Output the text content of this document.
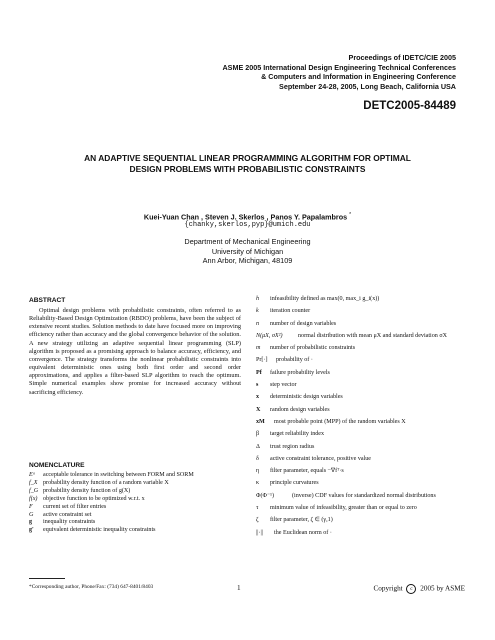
Proceedings of IDETC/CIE 2005
ASME 2005 International Design Engineering Technical Conferences
& Computers and Information in Engineering Conference
September 24-28, 2005, Long Beach, California USA
DETC2005-84489
AN ADAPTIVE SEQUENTIAL LINEAR PROGRAMMING ALGORITHM FOR OPTIMAL
DESIGN PROBLEMS WITH PROBABILISTIC CONSTRAINTS
Kuei-Yuan Chan , Steven J. Skerlos , Panos Y. Papalambros *
{chanky,skerlos,pyp}@umich.edu
Department of Mechanical Engineering
University of Michigan
Ann Arbor, Michigan, 48109
ABSTRACT

Optimal design problems with probabilistic constraints, often referred to as Reliability-Based Design Optimization (RBDO) problems, have been the subject of extensive recent studies. Solution methods to date have focused more on improving efficiency rather than accuracy and the global convergence behavior of the solution. A new strategy utilizing an adaptive sequential linear programming (SLP) algorithm is proposed as a promising approach to balance accuracy, efficiency, and convergence. The strategy transforms the nonlinear probabilistic constraints into equivalent deterministic ones using both first order and second order approximations, and applies a filter-based SLP algorithm to reach the optimum. Simple numerical examples show promise for increased accuracy without sacrificing efficiency.

NOMENCLATURE
Eᵅ	acceptable tolerance in switching between FORM and SORM
f_X probability density function of a random variable X
f_G probability density function of g(X)
f(x) objective function to be optimized w.r.t. x
F	current set of filter entries
G	active constraint set
g	inequality constraints
g'	equivalent deterministic inequality constraints
h	infeasibility defined as max(0, max_i g_i(x))
k	iteration counter
n	number of design variables
N(μX, σX²)	normal distribution with mean μX and standard deviation σX
m	number of probabilistic constraints
Pr[·]	probability of ·
Pf	failure probability levels
s	step vector
x	deterministic design variables
X	random design variables
xM	most probable point (MPP) of the random variables X
β	target reliability index
Δ	trust region radius
δ	active constraint tolerance, positive value
η	filter parameter, equals −∇fᵀ·s
κ	principle curvatures
Φ(Φ⁻¹)	(inverse) CDF values for standardized normal distributions
τ	minimum value of infeasibility, greater than or equal to zero
ζ	filter parameter, ζ ∈ (γ,1)
||·||	the Euclidean norm of ·
*Corresponding author, Phone/Fax: (734) 647-8401/8403	1	Copyright c 2005 by ASME
